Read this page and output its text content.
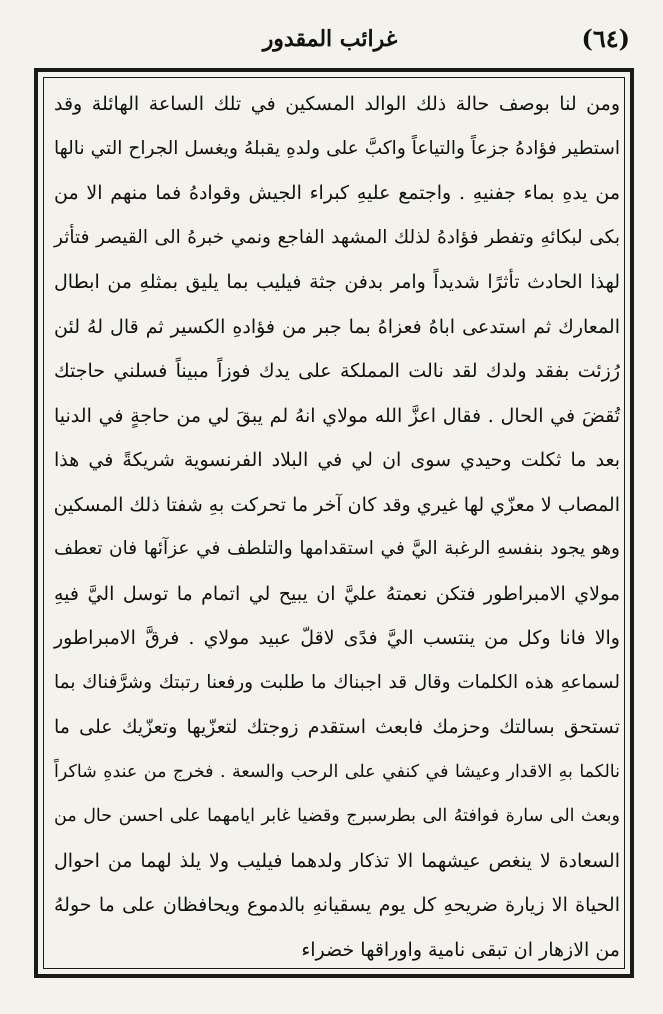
(٦٤)
غرائب المقدور
ومن لنا بوصف حالة ذلك الوالد المسكين في تلك الساعة الهائلة وقد
استطير فؤادهُ جزعاً والتياعاً واكبَّ على ولدهِ يقبلهُ ويغسل الجراح التي نالها
من يدهِ بماء جفنيهِ . واجتمع عليهِ كبراء الجيش وقوادهُ فما منهم الا من
بكى لبكائهِ وتفطر فؤادهُ لذلك المشهد الفاجع ونمي خبرهُ الى القيصر فتأثر
لهذا الحادث تأثرًا شديداً وامر بدفن جثة فيليب بما يليق بمثلهِ من ابطال
المعارك ثم استدعى اباهُ فعزاهُ بما جبر من فؤادهِ الكسير ثم قال لهُ لئن
رُزئت بفقد ولدك لقد نالت المملكة على يدك فوزاً مبيناً فسلني حاجتك
تُقضَ في الحال . فقال اعزَّ الله مولاي انهُ لم يبقَ لي من حاجةٍ في الدنيا
بعد ما ثكلت وحيدي سوى ان لي في البلاد الفرنسوية شريكةً في هذا
المصاب لا معزّي لها غيري وقد كان آخر ما تحركت بهِ شفتا ذلك المسكين
وهو يجود بنفسهِ الرغبة اليَّ في استقدامها والتلطف في عزآئها فان تعطف
مولاي الامبراطور فتكن نعمتهُ عليَّ ان يبيح لي اتمام ما توسل اليَّ فيهِ
والا فانا وكل من ينتسب اليَّ فدًى لاقلّ عبيد مولاي . فرقَّ الامبراطور
لسماعهِ هذه الكلمات وقال قد اجبناك ما طلبت ورفعنا رتبتك وشرَّفناك بما
تستحق بسالتك وحزمك فابعث استقدم زوجتك لتعزّيها وتعزّيك على ما
نالكما بهِ الاقدار وعيشا في كنفي على الرحب والسعة . فخرج من عندهِ شاكراً
وبعث الى سارة فوافتهُ الى بطرسبرج وقضيا غابر ايامهما على احسن حال من
السعادة لا ينغص عيشهما الا تذكار ولدهما فيليب ولا يلذ لهما من احوال
الحياة الا زيارة ضريحهِ كل يوم يسقيانهِ بالدموع ويحافظان على ما حولهُ
من الازهار ان تبقى نامية واوراقها خضراء
